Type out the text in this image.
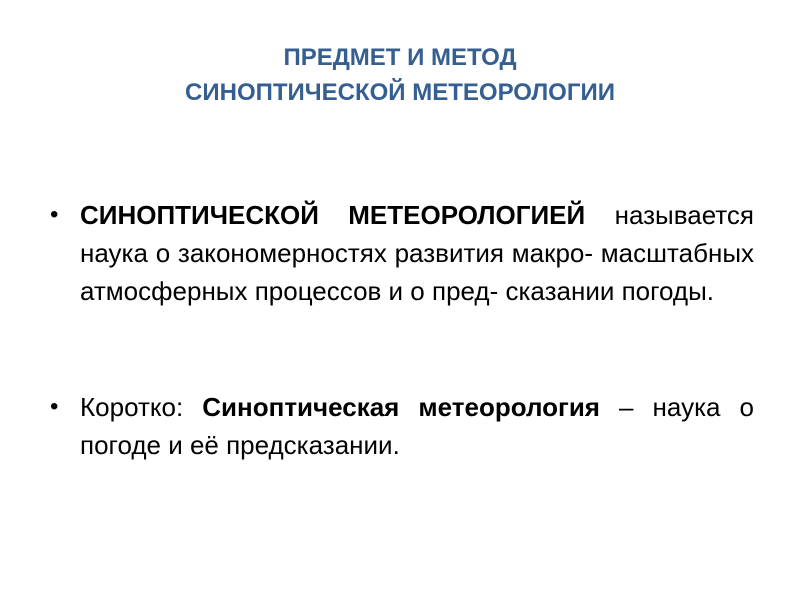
ПРЕДМЕТ И МЕТОД
СИНОПТИЧЕСКОЙ МЕТЕОРОЛОГИИ
• СИНОПТИЧЕСКОЙ МЕТЕОРОЛОГИЕЙ называется наука о закономерностях развития макро- масштабных атмосферных процессов и о пред- сказании погоды.
• Коротко: Синоптическая метеорология – наука о погоде и её предсказании.
